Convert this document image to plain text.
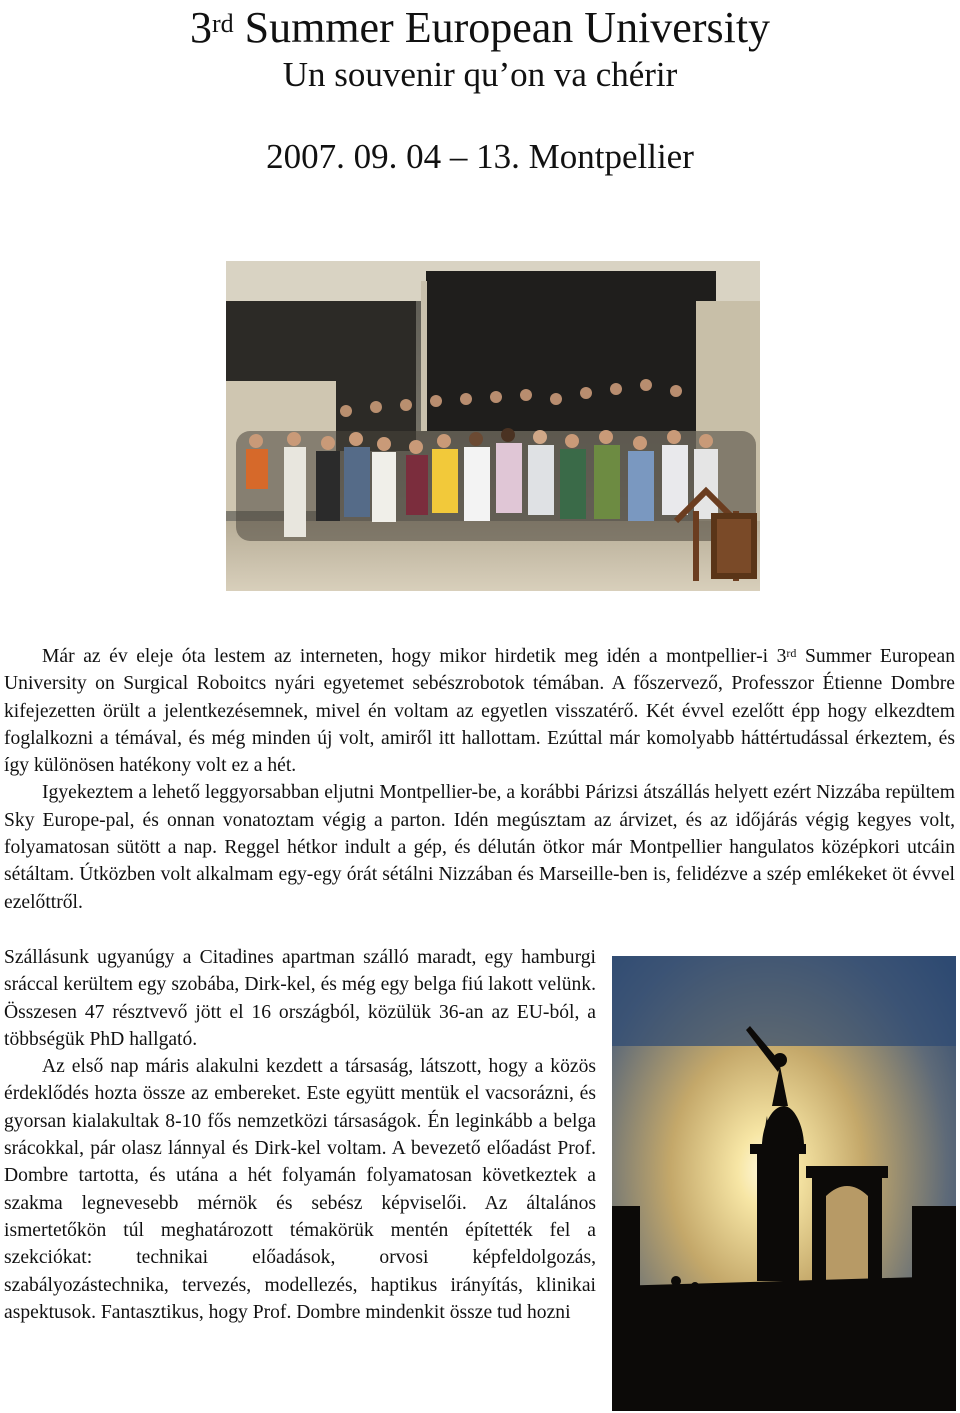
3rd Summer European University
Un souvenir qu’on va chérir
2007. 09. 04 – 13. Montpellier

Már az év eleje óta lestem az interneten, hogy mikor hirdetik meg idén a montpellier-i 3rd Summer European University on Surgical Roboitcs nyári egyetemet sebészrobotok témában. A főszervező, Professzor Étienne Dombre kifejezetten örült a jelentkezésemnek, mivel én voltam az egyetlen visszatérő. Két évvel ezelőtt épp hogy elkezdtem foglalkozni a témával, és még minden új volt, amiről itt hallottam. Ezúttal már komolyabb háttértudással érkeztem, és így különösen hatékony volt ez a hét.

Igyekeztem a lehető leggyorsabban eljutni Montpellier-be, a korábbi Párizsi átszállás helyett ezért Nizzába repültem Sky Europe-pal, és onnan vonatoztam végig a parton. Idén megúsztam az árvizet, és az időjárás végig kegyes volt, folyamatosan sütött a nap. Reggel hétkor indult a gép, és délután ötkor már Montpellier hangulatos középkori utcáin sétáltam. Útközben volt alkalmam egy-egy órát sétálni Nizzában és Marseille-ben is, felidézve a szép emlékeket öt évvel ezelőttről.

Szállásunk ugyanúgy a Citadines apartman szálló maradt, egy hamburgi sráccal kerültem egy szobába, Dirk-kel, és még egy belga fiú lakott velünk. Összesen 47 résztvevő jött el 16 országból, közülük 36-an az EU-ból, a többségük PhD hallgató.

Az első nap máris alakulni kezdett a társaság, látszott, hogy a közös érdeklődés hozta össze az embereket. Este együtt mentük el vacsorázni, és gyorsan kialakultak 8-10 fős nemzetközi társaságok. Én leginkább a belga srácokkal, pár olasz lánnyal és Dirk-kel voltam. A bevezető előadást Prof. Dombre tartotta, és utána a hét folyamán folyamatosan következtek a szakma legnevesebb mérnök és sebész képviselői. Az általános ismertetőkön túl meghatározott témakörük mentén építették fel a szekciókat: technikai előadások, orvosi képfeldolgozás, szabályozástechnika, tervezés, modellezés, haptikus irányítás, klinikai aspektusok. Fantasztikus, hogy Prof. Dombre mindenkit össze tud hozni
